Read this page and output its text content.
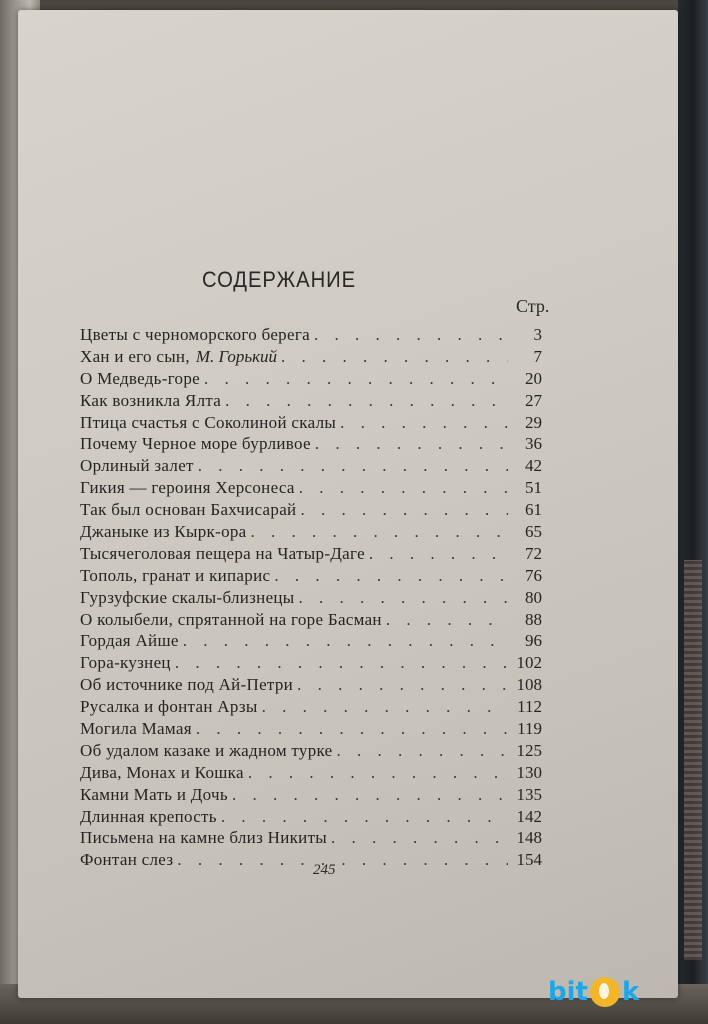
СОДЕРЖАНИЕ
Стр.
Цветы с черноморского берега . . .	3
Хан и его сын, М. Горький . . .	7
О Медведь-горе . . .	20
Как возникла Ялта . . .	27
Птица счастья с Соколиной скалы . . .	29
Почему Черное море бурливое . . .	36
Орлиный залет . . .	42
Гикия — героиня Херсонеса . . .	51
Так был основан Бахчисарай . . .	61
Джаныке из Кырк-ора . . .	65
Тысячеголовая пещера на Чатыр-Даге . . .	72
Тополь, гранат и кипарис . . .	76
Гурзуфские скалы-близнецы . . .	80
О колыбели, спрятанной на горе Басман . . .	88
Гордая Айше . . .	96
Гора-кузнец . . .	102
Об источнике под Ай-Петри . . .	108
Русалка и фонтан Арзы . . .	112
Могила Мамая . . .	119
Об удалом казаке и жадном турке . . .	125
Дива, Монах и Кошка . . .	130
Камни Мать и Дочь . . .	135
Длинная крепость . . .	142
Письмена на камне близ Никиты . . .	148
Фонтан слез . . .	154
245
bit k
